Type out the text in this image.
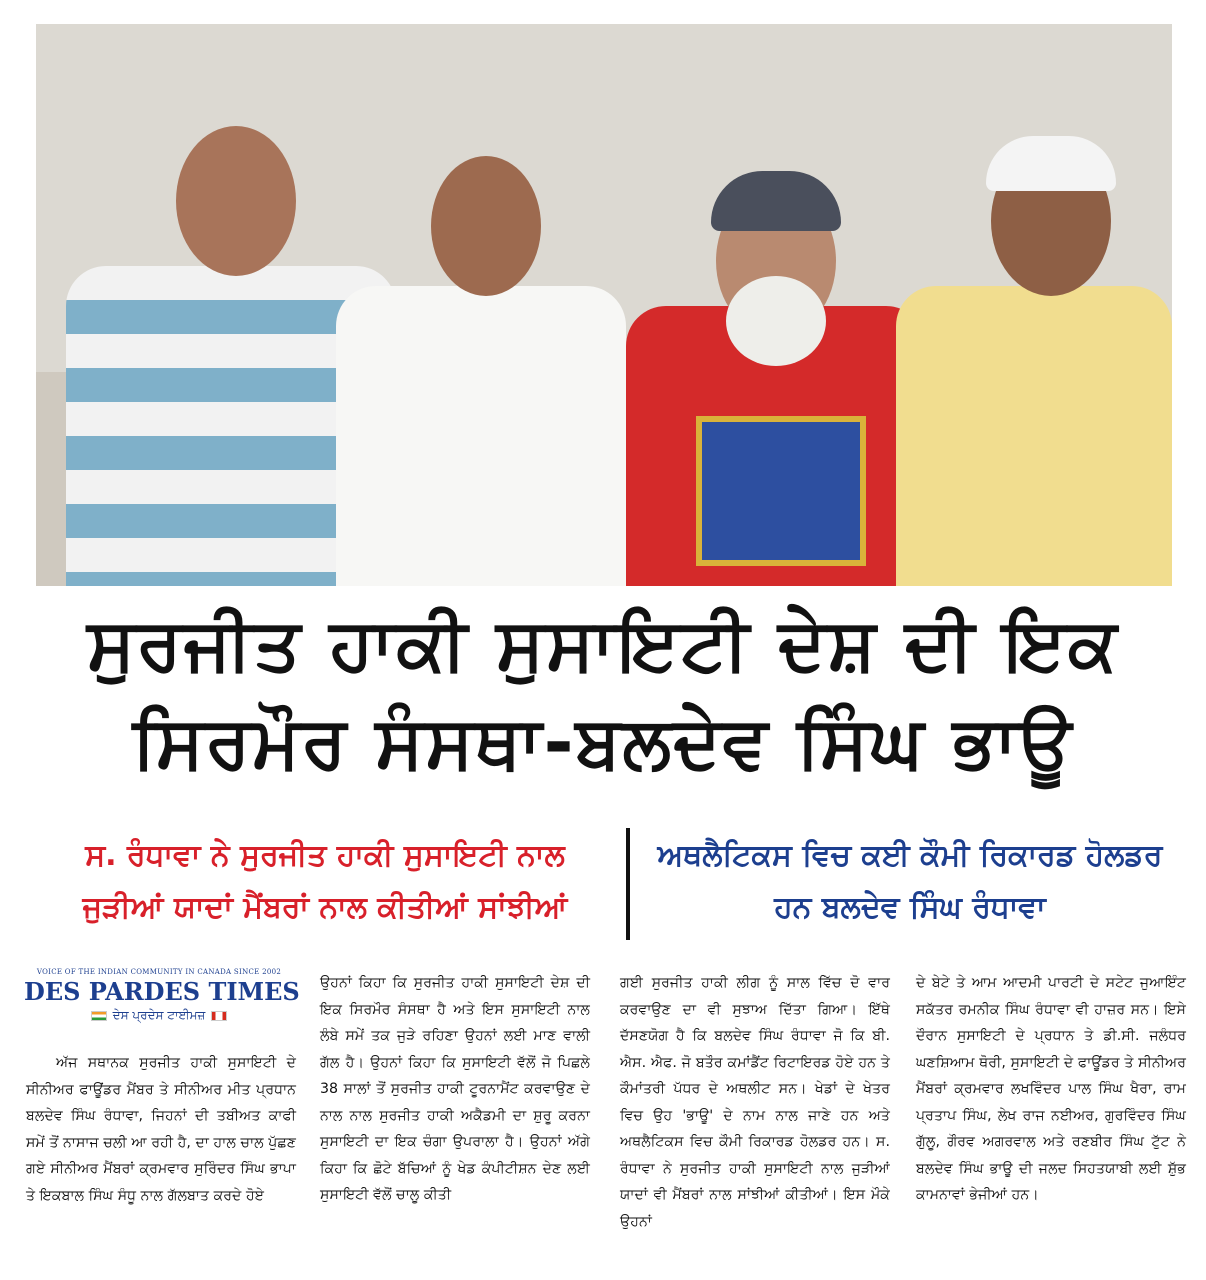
ਸੁਰਜੀਤ ਹਾਕੀ ਸੁਸਾਇਟੀ ਦੇਸ਼ ਦੀ ਇਕ
ਸਿਰਮੌਰ ਸੰਸਥਾ-ਬਲਦੇਵ ਸਿੰਘ ਭਾਊ
ਸ. ਰੰਧਾਵਾ ਨੇ ਸੁਰਜੀਤ ਹਾਕੀ ਸੁਸਾਇਟੀ ਨਾਲ ਜੁੜੀਆਂ ਯਾਦਾਂ ਮੈਂਬਰਾਂ ਨਾਲ ਕੀਤੀਆਂ ਸਾਂਝੀਆਂ
ਅਥਲੈਟਿਕਸ ਵਿਚ ਕਈ ਕੌਮੀ ਰਿਕਾਰਡ ਹੋਲਡਰ ਹਨ ਬਲਦੇਵ ਸਿੰਘ ਰੰਧਾਵਾ
VOICE OF THE INDIAN COMMUNITY IN CANADA SINCE 2002
DES PARDES TIMES
ਦੇਸ ਪ੍ਰਦੇਸ ਟਾਈਮਜ਼
ਅੱਜ ਸਥਾਨਕ ਸੁਰਜੀਤ ਹਾਕੀ ਸੁਸਾਇਟੀ ਦੇ ਸੀਨੀਅਰ ਫਾਊਂਡਰ ਮੈਂਬਰ ਤੇ ਸੀਨੀਅਰ ਮੀਤ ਪ੍ਰਧਾਨ ਬਲਦੇਵ ਸਿੰਘ ਰੰਧਾਵਾ, ਜਿਹਨਾਂ ਦੀ ਤਬੀਅਤ ਕਾਫੀ ਸਮੇਂ ਤੋਂ ਨਾਸਾਜ ਚਲੀ ਆ ਰਹੀ ਹੈ, ਦਾ ਹਾਲ ਚਾਲ ਪੁੱਛਣ ਗਏ ਸੀਨੀਅਰ ਮੈਂਬਰਾਂ ਕ੍ਰਮਵਾਰ ਸੁਰਿੰਦਰ ਸਿੰਘ ਭਾਪਾ ਤੇ ਇਕਬਾਲ ਸਿੰਘ ਸੰਧੂ ਨਾਲ ਗੱਲਬਾਤ ਕਰਦੇ ਹੋਏ
ਉਹਨਾਂ ਕਿਹਾ ਕਿ ਸੁਰਜੀਤ ਹਾਕੀ ਸੁਸਾਇਟੀ ਦੇਸ਼ ਦੀ ਇਕ ਸਿਰਮੌਰ ਸੰਸਥਾ ਹੈ ਅਤੇ ਇਸ ਸੁਸਾਇਟੀ ਨਾਲ ਲੰਬੇ ਸਮੇਂ ਤਕ ਜੁੜੇ ਰਹਿਣਾ ਉਹਨਾਂ ਲਈ ਮਾਣ ਵਾਲੀ ਗੱਲ ਹੈ। ਉਹਨਾਂ ਕਿਹਾ ਕਿ ਸੁਸਾਇਟੀ ਵੱਲੋਂ ਜੋ ਪਿਛਲੇ 38 ਸਾਲਾਂ ਤੋਂ ਸੁਰਜੀਤ ਹਾਕੀ ਟੂਰਨਾਮੈਂਟ ਕਰਵਾਉਣ ਦੇ ਨਾਲ ਨਾਲ ਸੁਰਜੀਤ ਹਾਕੀ ਅਕੈਡਮੀ ਦਾ ਸ਼ੁਰੂ ਕਰਨਾ ਸੁਸਾਇਟੀ ਦਾ ਇਕ ਚੰਗਾ ਉਪਰਾਲਾ ਹੈ। ਉਹਨਾਂ ਅੱਗੇ ਕਿਹਾ ਕਿ ਛੋਟੇ ਬੱਚਿਆਂ ਨੂੰ ਖੇਡ ਕੰਪੀਟੀਸ਼ਨ ਦੇਣ ਲਈ ਸੁਸਾਇਟੀ ਵੱਲੋਂ ਚਾਲੂ ਕੀਤੀ
ਗਈ ਸੁਰਜੀਤ ਹਾਕੀ ਲੀਗ ਨੂੰ ਸਾਲ ਵਿੱਚ ਦੋ ਵਾਰ ਕਰਵਾਉਣ ਦਾ ਵੀ ਸੁਝਾਅ ਦਿੱਤਾ ਗਿਆ। ਇੱਥੇ ਦੱਸਣਯੋਗ ਹੈ ਕਿ ਬਲਦੇਵ ਸਿੰਘ ਰੰਧਾਵਾ ਜੋ ਕਿ ਬੀ. ਐਸ. ਐਫ. ਜੋ ਬਤੌਰ ਕਮਾਂਡੈਂਟ ਰਿਟਾਇਰਡ ਹੋਏ ਹਨ ਤੇ ਕੌਮਾਂਤਰੀ ਪੱਧਰ ਦੇ ਅਥਲੀਟ ਸਨ। ਖੇਡਾਂ ਦੇ ਖੇਤਰ ਵਿਚ ਉਹ 'ਭਾਊ' ਦੇ ਨਾਮ ਨਾਲ ਜਾਣੇ ਹਨ ਅਤੇ ਅਥਲੈਟਿਕਸ ਵਿਚ ਕੌਮੀ ਰਿਕਾਰਡ ਹੋਲਡਰ ਹਨ। ਸ. ਰੰਧਾਵਾ ਨੇ ਸੁਰਜੀਤ ਹਾਕੀ ਸੁਸਾਇਟੀ ਨਾਲ ਜੁੜੀਆਂ ਯਾਦਾਂ ਵੀ ਮੈਂਬਰਾਂ ਨਾਲ ਸਾਂਝੀਆਂ ਕੀਤੀਆਂ। ਇਸ ਮੌਕੇ ਉਹਨਾਂ
ਦੇ ਬੇਟੇ ਤੇ ਆਮ ਆਦਮੀ ਪਾਰਟੀ ਦੇ ਸਟੇਟ ਜੁਆਇੰਟ ਸਕੱਤਰ ਰਮਨੀਕ ਸਿੰਘ ਰੰਧਾਵਾ ਵੀ ਹਾਜ਼ਰ ਸਨ। ਇਸੇ ਦੌਰਾਨ ਸੁਸਾਇਟੀ ਦੇ ਪ੍ਰਧਾਨ ਤੇ ਡੀ.ਸੀ. ਜਲੰਧਰ ਘਣਸ਼ਿਆਮ ਥੋਰੀ, ਸੁਸਾਇਟੀ ਦੇ ਫਾਊਂਡਰ ਤੇ ਸੀਨੀਅਰ ਮੈਂਬਰਾਂ ਕ੍ਰਮਵਾਰ ਲਖਵਿੰਦਰ ਪਾਲ ਸਿੰਘ ਖੈਰਾ, ਰਾਮ ਪ੍ਰਤਾਪ ਸਿੰਘ, ਲੇਖ ਰਾਜ ਨਈਅਰ, ਗੁਰਵਿੰਦਰ ਸਿੰਘ ਗੁੱਲੂ, ਗੌਰਵ ਅਗਰਵਾਲ ਅਤੇ ਰਣਬੀਰ ਸਿੰਘ ਟੁੱਟ ਨੇ ਬਲਦੇਵ ਸਿੰਘ ਭਾਊ ਦੀ ਜਲਦ ਸਿਹਤਯਾਬੀ ਲਈ ਸ਼ੁੱਭ ਕਾਮਨਾਵਾਂ ਭੇਜੀਆਂ ਹਨ।
